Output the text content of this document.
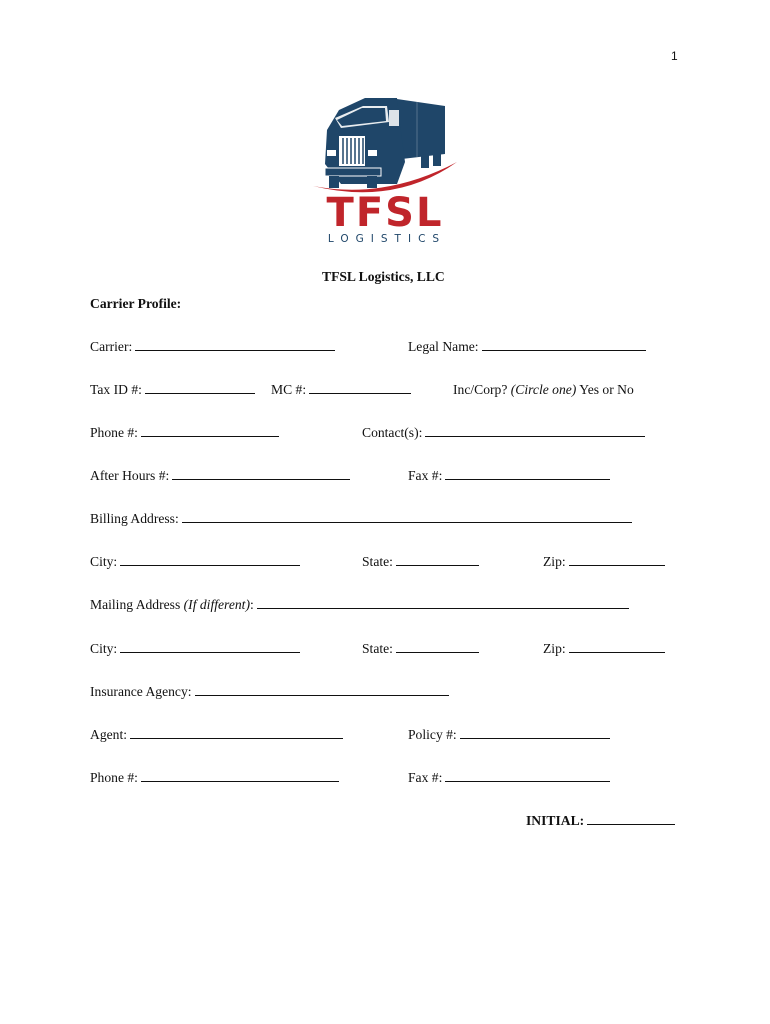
1
TFSL
LOGISTICS
TFSL Logistics, LLC
Carrier Profile:
Carrier:	Legal Name:
Tax ID #:	MC #:	Inc/Corp? (Circle one) Yes or No
Phone #:	Contact(s):
After Hours #:	Fax #:
Billing Address:
City:	State:	Zip:
Mailing Address (If different):
City:	State:	Zip:
Insurance Agency:
Agent:	Policy #:
Phone #:	Fax #:
INITIAL:
